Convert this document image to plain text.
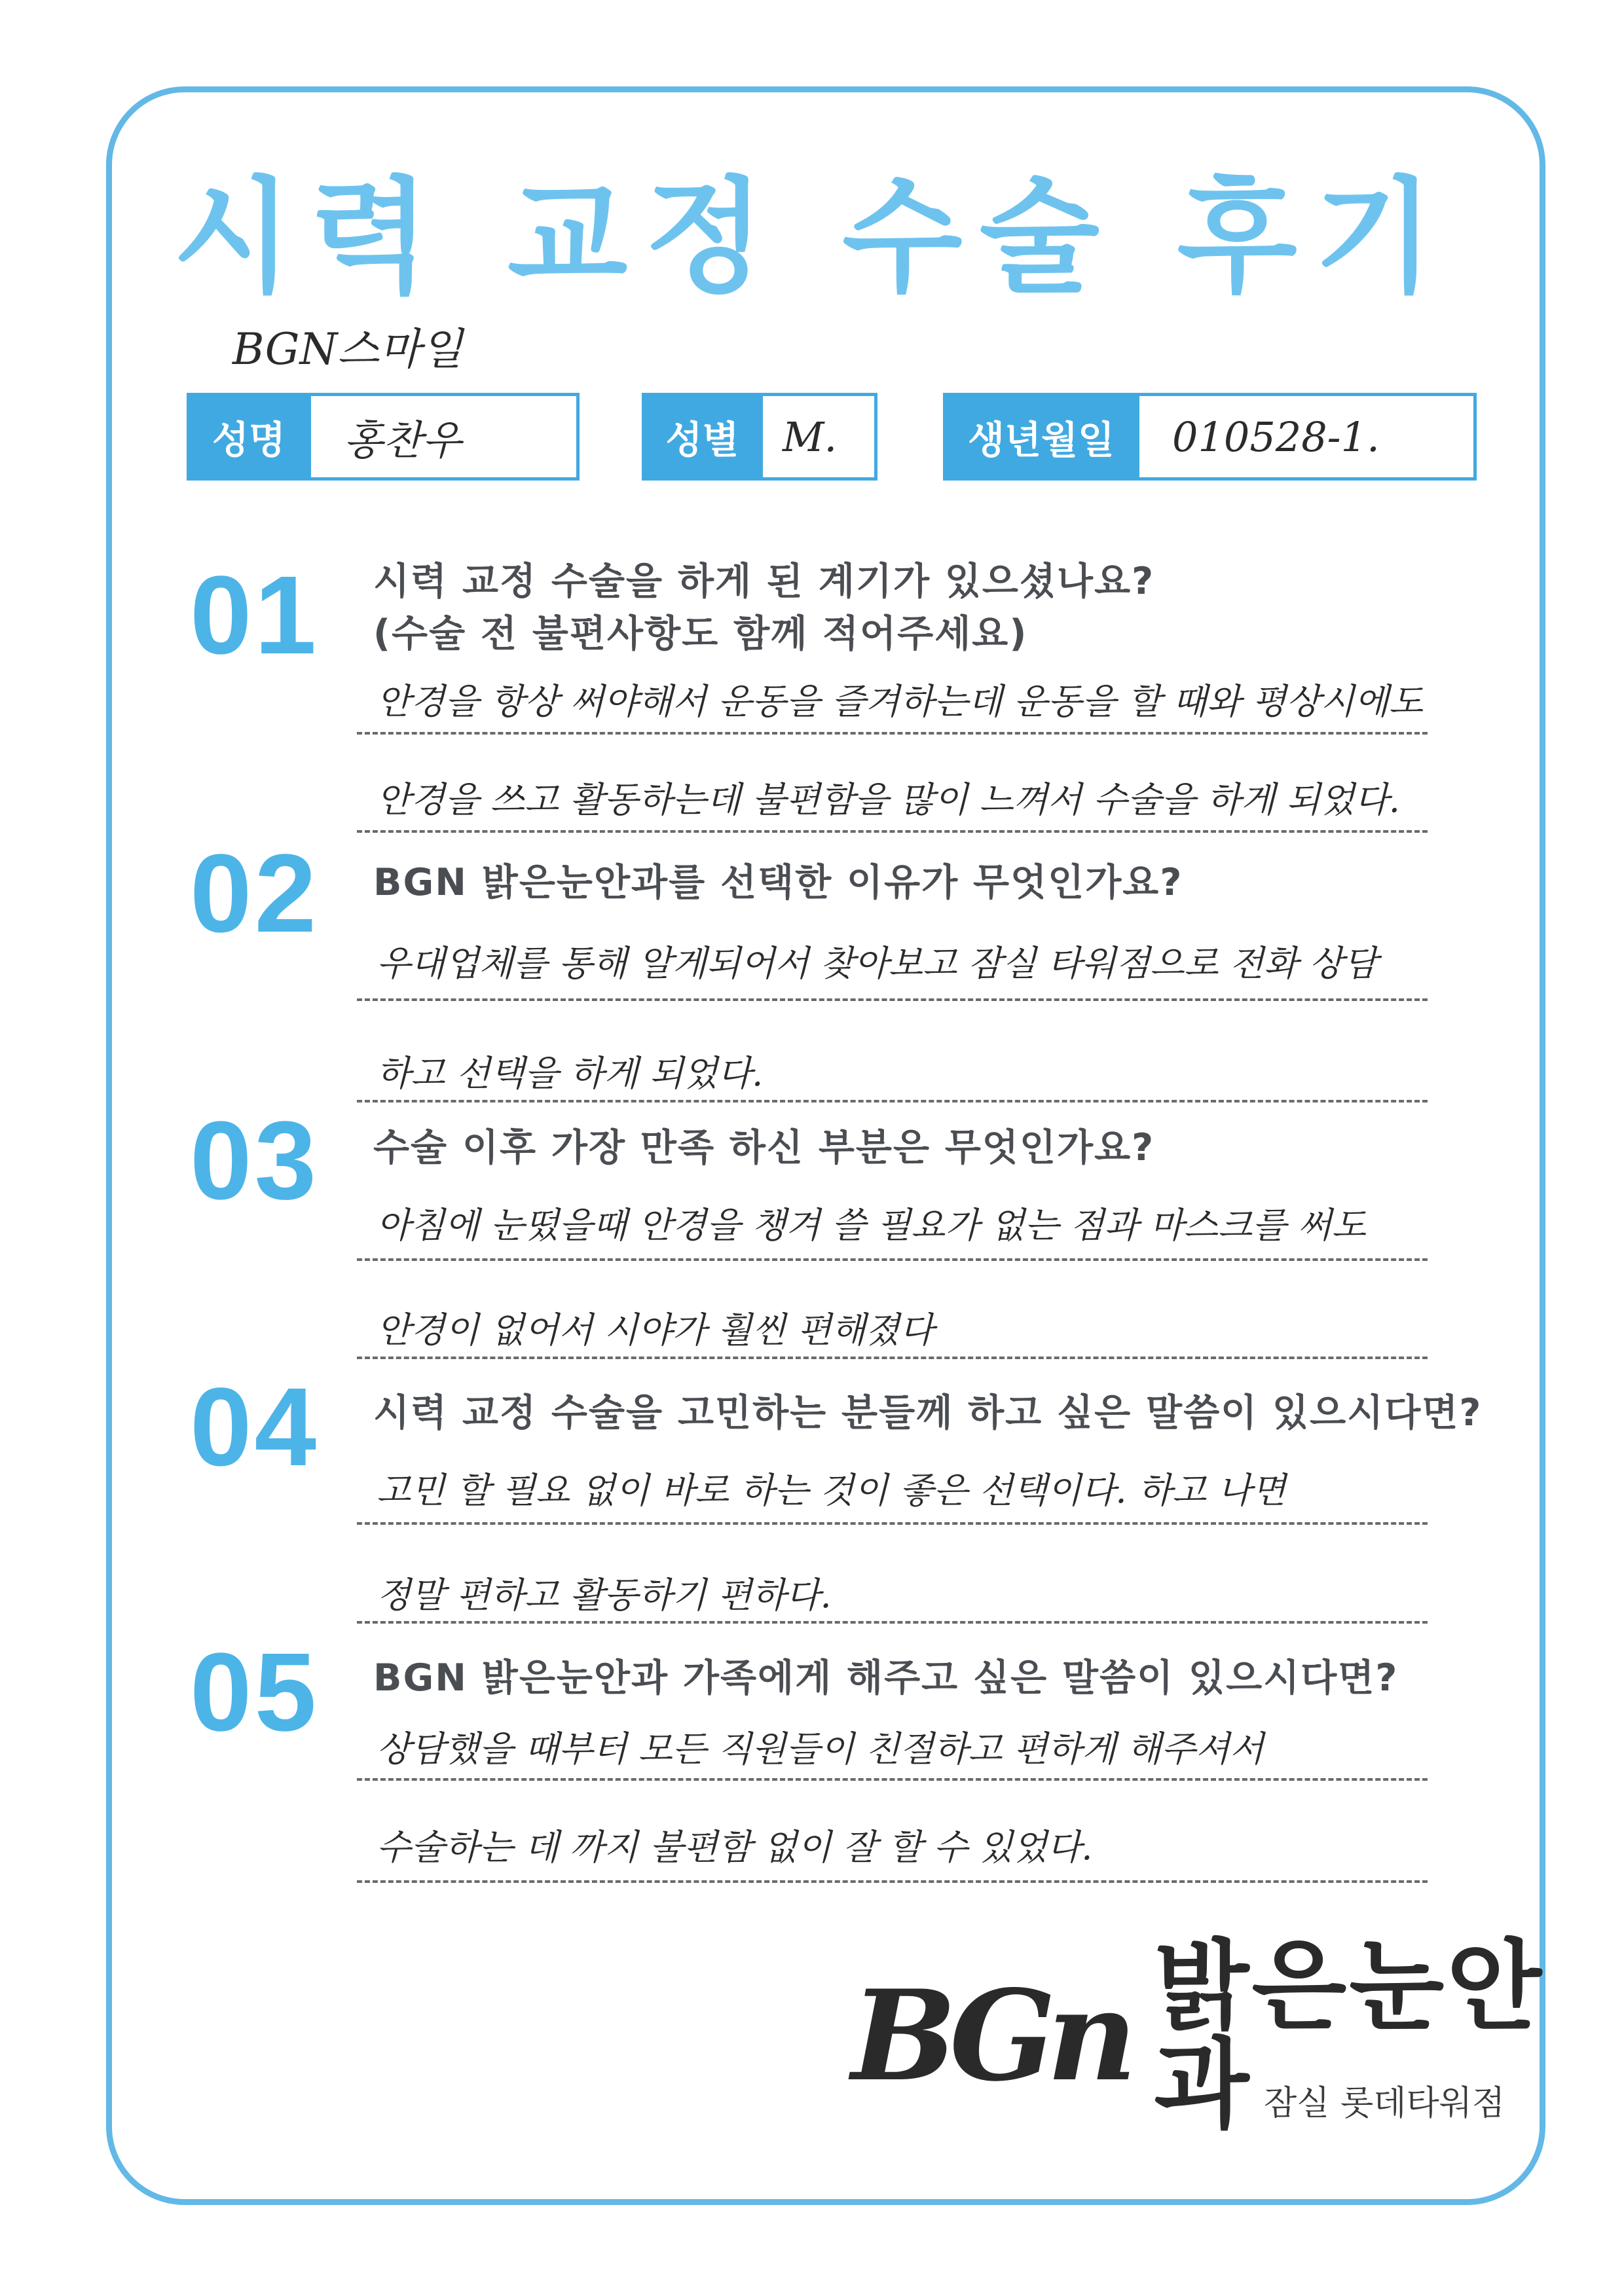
시력 교정 수술 후기
BGN스마일
성명	홍찬우	성별	M.	생년월일	010528-1.
01 시력 교정 수술을 하게 된 계기가 있으셨나요?
(수술 전 불편사항도 함께 적어주세요)
안경을 항상 써야해서 운동을 즐겨하는데 운동을 할 때와 평상시에도
안경을 쓰고 활동하는데 불편함을 많이 느껴서 수술을 하게 되었다.
02 BGN 밝은눈안과를 선택한 이유가 무엇인가요?
우대업체를 통해 알게되어서 찾아보고 잠실 타워점으로 전화 상담
하고 선택을 하게 되었다.
03 수술 이후 가장 만족 하신 부분은 무엇인가요?
아침에 눈떴을때 안경을 챙겨 쓸 필요가 없는 점과 마스크를 써도
안경이 없어서 시야가 훨씬 편해졌다
04 시력 교정 수술을 고민하는 분들께 하고 싶은 말씀이 있으시다면?
고민 할 필요 없이 바로 하는 것이 좋은 선택이다. 하고 나면
정말 편하고 활동하기 편하다.
05 BGN 밝은눈안과 가족에게 해주고 싶은 말씀이 있으시다면?
상담했을 때부터 모든 직원들이 친절하고 편하게 해주셔서
수술하는 데 까지 불편함 없이 잘 할 수 있었다.
BGn 밝은눈안과 잠실 롯데타워점
